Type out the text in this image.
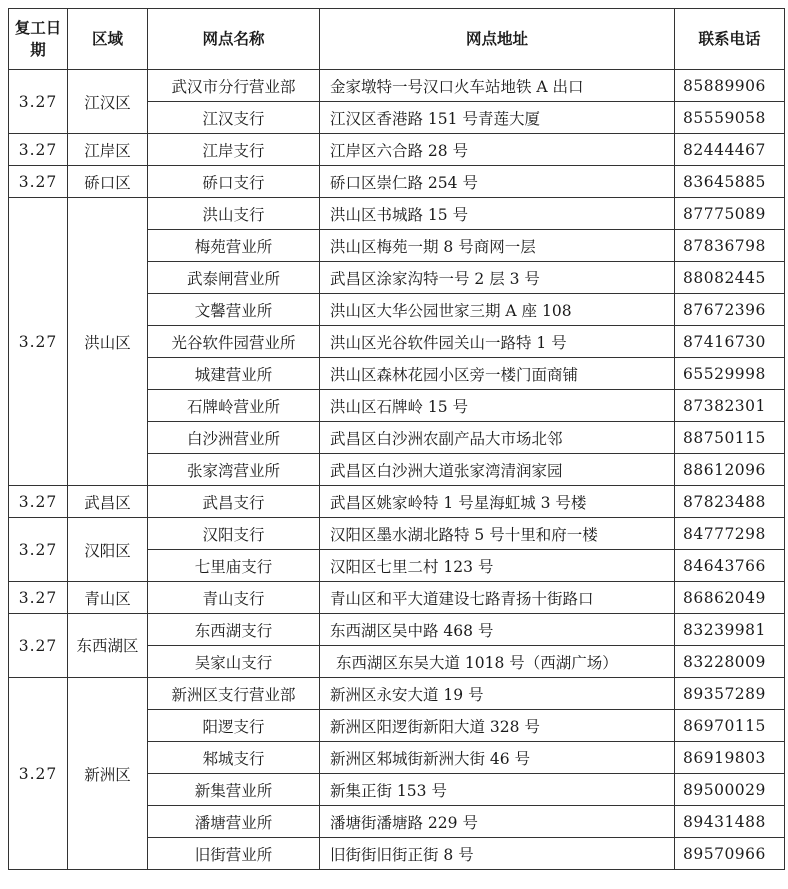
复工日期	区域	网点名称	网点地址	联系电话
3.27	江汉区	武汉市分行营业部	金家墩特一号汉口火车站地铁 A 出口	85889906
		江汉支行	江汉区香港路 151 号青莲大厦	85559058
3.27	江岸区	江岸支行	江岸区六合路 28 号	82444467
3.27	硚口区	硚口支行	硚口区崇仁路 254 号	83645885
3.27	洪山区	洪山支行	洪山区书城路 15 号	87775089
		梅苑营业所	洪山区梅苑一期 8 号商网一层	87836798
		武泰闸营业所	武昌区涂家沟特一号 2 层 3 号	88082445
		文馨营业所	洪山区大华公园世家三期 A 座 108	87672396
		光谷软件园营业所	洪山区光谷软件园关山一路特 1 号	87416730
		城建营业所	洪山区森林花园小区旁一楼门面商铺	65529998
		石牌岭营业所	洪山区石牌岭 15 号	87382301
		白沙洲营业所	武昌区白沙洲农副产品大市场北邻	88750115
		张家湾营业所	武昌区白沙洲大道张家湾清润家园	88612096
3.27	武昌区	武昌支行	武昌区姚家岭特 1 号星海虹城 3 号楼	87823488
3.27	汉阳区	汉阳支行	汉阳区墨水湖北路特 5 号十里和府一楼	84777298
		七里庙支行	汉阳区七里二村 123 号	84643766
3.27	青山区	青山支行	青山区和平大道建设七路青扬十街路口	86862049
3.27	东西湖区	东西湖支行	东西湖区吴中路 468 号	83239981
		吴家山支行	东西湖区东吴大道 1018 号（西湖广场）	83228009
3.27	新洲区	新洲区支行营业部	新洲区永安大道 19 号	89357289
		阳逻支行	新洲区阳逻街新阳大道 328 号	86970115
		邾城支行	新洲区邾城街新洲大街 46 号	86919803
		新集营业所	新集正街 153 号	89500029
		潘塘营业所	潘塘街潘塘路 229 号	89431488
		旧街营业所	旧街街旧街正街 8 号	89570966
